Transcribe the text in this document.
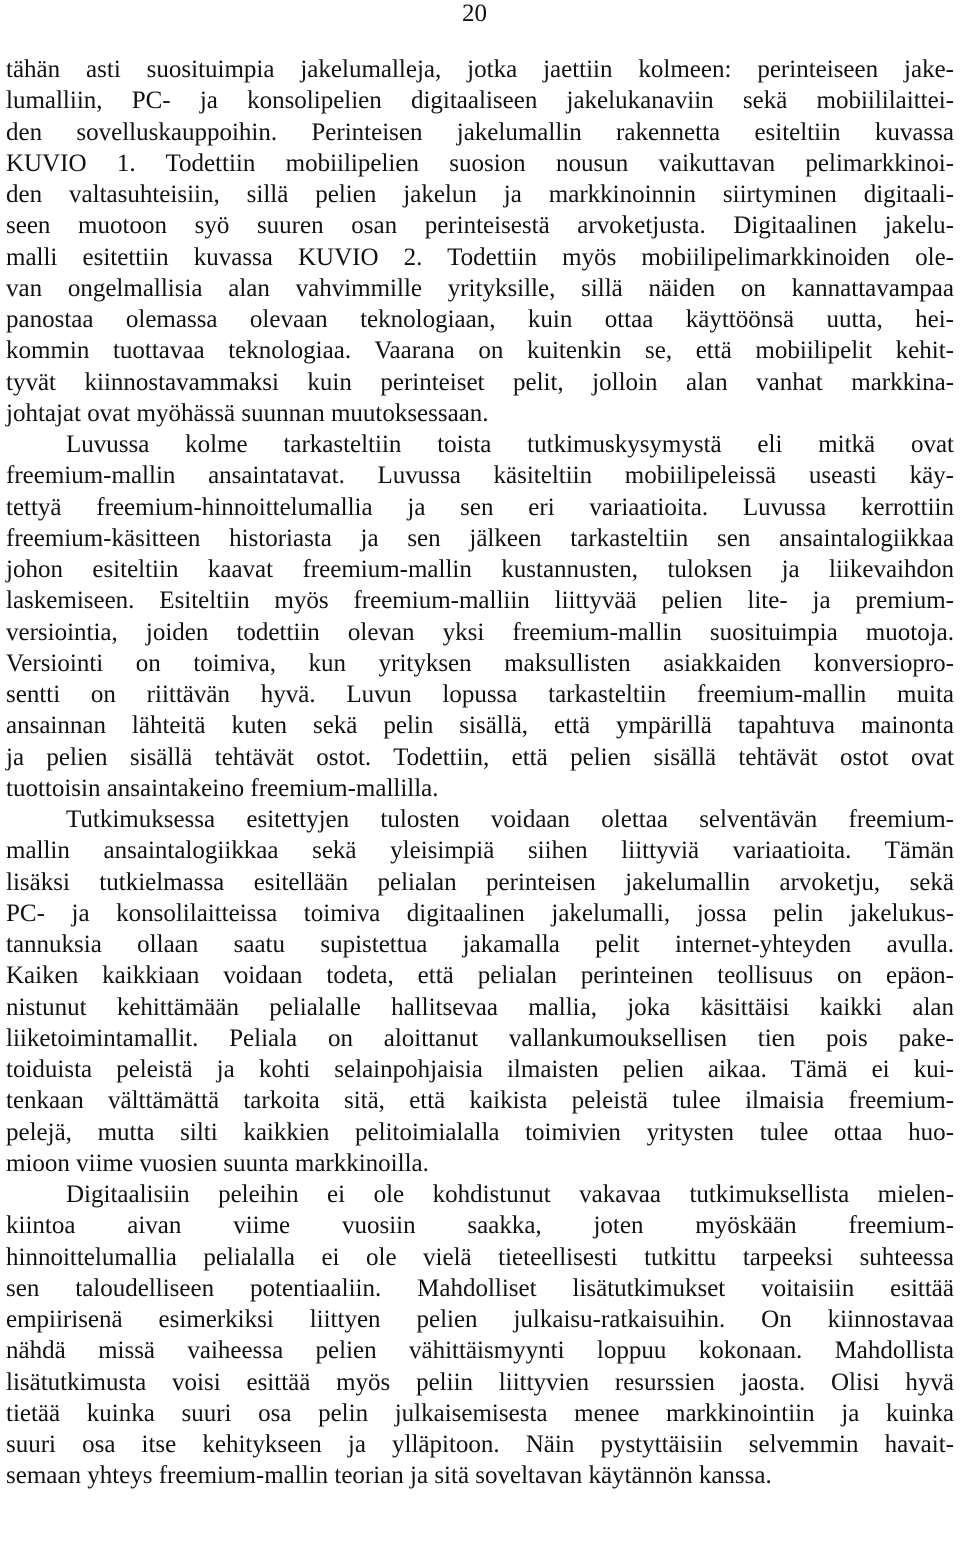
20
tähän asti suosituimpia jakelumalleja, jotka jaettiin kolmeen: perinteiseen jake-
lumalliin, PC- ja konsolipelien digitaaliseen jakelukanaviin sekä mobiililaittei-
den sovelluskauppoihin. Perinteisen jakelumallin rakennetta esiteltiin kuvassa
KUVIO 1. Todettiin mobiilipelien suosion nousun vaikuttavan pelimarkkinoi-
den valtasuhteisiin, sillä pelien jakelun ja markkinoinnin siirtyminen digitaali-
seen muotoon syö suuren osan perinteisestä arvoketjusta. Digitaalinen jakelu-
malli esitettiin kuvassa KUVIO 2. Todettiin myös mobiilipelimarkkinoiden ole-
van ongelmallisia alan vahvimmille yrityksille, sillä näiden on kannattavampaa
panostaa olemassa olevaan teknologiaan, kuin ottaa käyttöönsä uutta, hei-
kommin tuottavaa teknologiaa. Vaarana on kuitenkin se, että mobiilipelit kehit-
tyvät kiinnostavammaksi kuin perinteiset pelit, jolloin alan vanhat markkina-
johtajat ovat myöhässä suunnan muutoksessaan.
Luvussa kolme tarkasteltiin toista tutkimuskysymystä eli mitkä ovat
freemium-mallin ansaintatavat. Luvussa käsiteltiin mobiilipeleissä useasti käy-
tettyä freemium-hinnoittelumallia ja sen eri variaatioita. Luvussa kerrottiin
freemium-käsitteen historiasta ja sen jälkeen tarkasteltiin sen ansaintalogiikkaa
johon esiteltiin kaavat freemium-mallin kustannusten, tuloksen ja liikevaihdon
laskemiseen. Esiteltiin myös freemium-malliin liittyvää pelien lite- ja premium-
versiointia, joiden todettiin olevan yksi freemium-mallin suosituimpia muotoja.
Versiointi on toimiva, kun yrityksen maksullisten asiakkaiden konversiopro-
sentti on riittävän hyvä. Luvun lopussa tarkasteltiin freemium-mallin muita
ansainnan lähteitä kuten sekä pelin sisällä, että ympärillä tapahtuva mainonta
ja pelien sisällä tehtävät ostot. Todettiin, että pelien sisällä tehtävät ostot ovat
tuottoisin ansaintakeino freemium-mallilla.
Tutkimuksessa esitettyjen tulosten voidaan olettaa selventävän freemium-
mallin ansaintalogiikkaa sekä yleisimpiä siihen liittyviä variaatioita. Tämän
lisäksi tutkielmassa esitellään pelialan perinteisen jakelumallin arvoketju, sekä
PC- ja konsolilaitteissa toimiva digitaalinen jakelumalli, jossa pelin jakelukus-
tannuksia ollaan saatu supistettua jakamalla pelit internet-yhteyden avulla.
Kaiken kaikkiaan voidaan todeta, että pelialan perinteinen teollisuus on epäon-
nistunut kehittämään pelialalle hallitsevaa mallia, joka käsittäisi kaikki alan
liiketoimintamallit. Peliala on aloittanut vallankumouksellisen tien pois pake-
toiduista peleistä ja kohti selainpohjaisia ilmaisten pelien aikaa. Tämä ei kui-
tenkaan välttämättä tarkoita sitä, että kaikista peleistä tulee ilmaisia freemium-
pelejä, mutta silti kaikkien pelitoimialalla toimivien yritysten tulee ottaa huo-
mioon viime vuosien suunta markkinoilla.
Digitaalisiin peleihin ei ole kohdistunut vakavaa tutkimuksellista mielen-
kiintoa aivan viime vuosiin saakka, joten myöskään freemium-
hinnoittelumallia pelialalla ei ole vielä tieteellisesti tutkittu tarpeeksi suhteessa
sen taloudelliseen potentiaaliin. Mahdolliset lisätutkimukset voitaisiin esittää
empiirisenä esimerkiksi liittyen pelien julkaisu-ratkaisuihin. On kiinnostavaa
nähdä missä vaiheessa pelien vähittäismyynti loppuu kokonaan. Mahdollista
lisätutkimusta voisi esittää myös peliin liittyvien resurssien jaosta. Olisi hyvä
tietää kuinka suuri osa pelin julkaisemisesta menee markkinointiin ja kuinka
suuri osa itse kehitykseen ja ylläpitoon. Näin pystyttäisiin selvemmin havait-
semaan yhteys freemium-mallin teorian ja sitä soveltavan käytännön kanssa.
